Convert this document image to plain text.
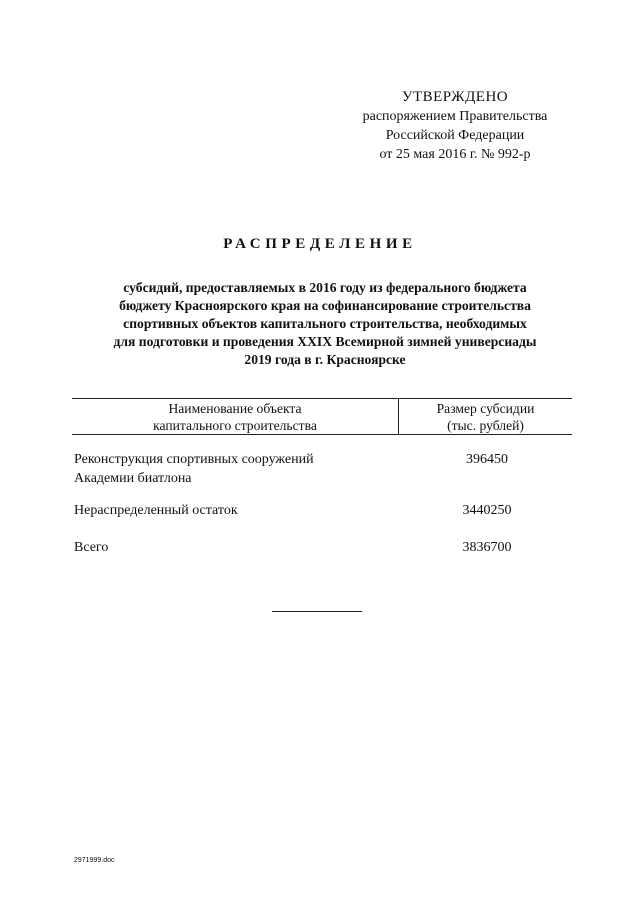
УТВЕРЖДЕНО
распоряжением Правительства
Российской Федерации
от 25 мая 2016 г. № 992-р
РАСПРЕДЕЛЕНИЕ
субсидий, предоставляемых в 2016 году из федерального бюджета
бюджету Красноярского края на софинансирование строительства
спортивных объектов капитального строительства, необходимых
для подготовки и проведения XXIX Всемирной зимней универсиады
2019 года в г. Красноярске
Наименование объекта
капитального строительства
Размер субсидии
(тыс. рублей)
Реконструкция спортивных сооружений
Академии биатлона
396450
Нераспределенный остаток	3440250
Всего	3836700
2971999.doc
